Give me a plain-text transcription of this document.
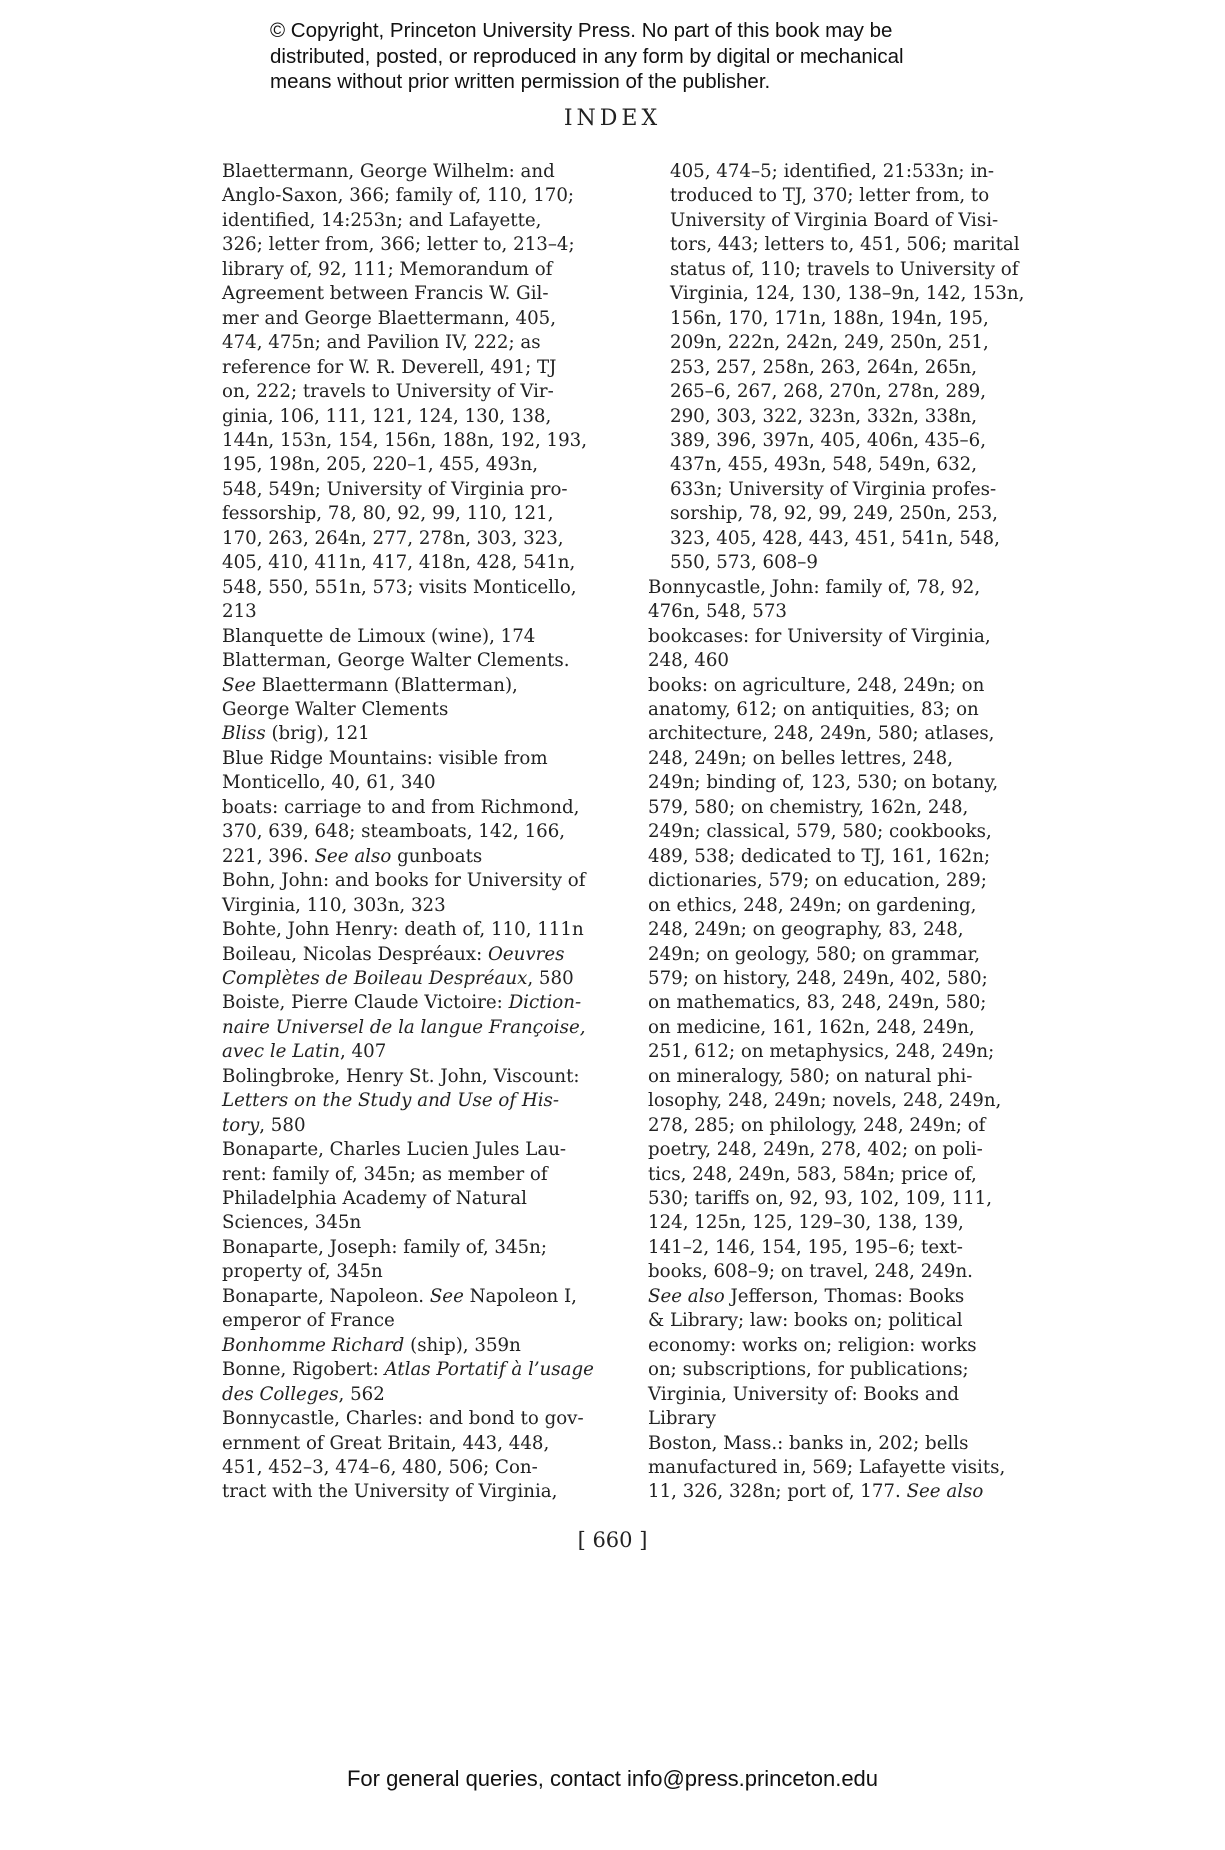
© Copyright, Princeton University Press. No part of this book may be
distributed, posted, or reproduced in any form by digital or mechanical
means without prior written permission of the publisher.
INDEX
Blaettermann, George Wilhelm: and
Anglo-Saxon, 366; family of, 110, 170;
identified, 14:253n; and Lafayette,
326; letter from, 366; letter to, 213–4;
library of, 92, 111; Memorandum of
Agreement between Francis W. Gil-
mer and George Blaettermann, 405,
474, 475n; and Pavilion IV, 222; as
reference for W. R. Deverell, 491; TJ
on, 222; travels to University of Vir-
ginia, 106, 111, 121, 124, 130, 138,
144n, 153n, 154, 156n, 188n, 192, 193,
195, 198n, 205, 220–1, 455, 493n,
548, 549n; University of Virginia pro-
fessorship, 78, 80, 92, 99, 110, 121,
170, 263, 264n, 277, 278n, 303, 323,
405, 410, 411n, 417, 418n, 428, 541n,
548, 550, 551n, 573; visits Monticello,
213
Blanquette de Limoux (wine), 174
Blatterman, George Walter Clements.
See Blaettermann (Blatterman),
George Walter Clements
Bliss (brig), 121
Blue Ridge Mountains: visible from
Monticello, 40, 61, 340
boats: carriage to and from Richmond,
370, 639, 648; steamboats, 142, 166,
221, 396. See also gunboats
Bohn, John: and books for University of
Virginia, 110, 303n, 323
Bohte, John Henry: death of, 110, 111n
Boileau, Nicolas Despréaux: Oeuvres
Complètes de Boileau Despréaux, 580
Boiste, Pierre Claude Victoire: Diction-
naire Universel de la langue Françoise,
avec le Latin, 407
Bolingbroke, Henry St. John, Viscount:
Letters on the Study and Use of His-
tory, 580
Bonaparte, Charles Lucien Jules Lau-
rent: family of, 345n; as member of
Philadelphia Academy of Natural
Sciences, 345n
Bonaparte, Joseph: family of, 345n;
property of, 345n
Bonaparte, Napoleon. See Napoleon I,
emperor of France
Bonhomme Richard (ship), 359n
Bonne, Rigobert: Atlas Portatif à l’usage
des Colleges, 562
Bonnycastle, Charles: and bond to gov-
ernment of Great Britain, 443, 448,
451, 452–3, 474–6, 480, 506; Con-
tract with the University of Virginia,
405, 474–5; identified, 21:533n; in-
troduced to TJ, 370; letter from, to
University of Virginia Board of Visi-
tors, 443; letters to, 451, 506; marital
status of, 110; travels to University of
Virginia, 124, 130, 138–9n, 142, 153n,
156n, 170, 171n, 188n, 194n, 195,
209n, 222n, 242n, 249, 250n, 251,
253, 257, 258n, 263, 264n, 265n,
265–6, 267, 268, 270n, 278n, 289,
290, 303, 322, 323n, 332n, 338n,
389, 396, 397n, 405, 406n, 435–6,
437n, 455, 493n, 548, 549n, 632,
633n; University of Virginia profes-
sorship, 78, 92, 99, 249, 250n, 253,
323, 405, 428, 443, 451, 541n, 548,
550, 573, 608–9
Bonnycastle, John: family of, 78, 92,
476n, 548, 573
bookcases: for University of Virginia,
248, 460
books: on agriculture, 248, 249n; on
anatomy, 612; on antiquities, 83; on
architecture, 248, 249n, 580; atlases,
248, 249n; on belles lettres, 248,
249n; binding of, 123, 530; on botany,
579, 580; on chemistry, 162n, 248,
249n; classical, 579, 580; cookbooks,
489, 538; dedicated to TJ, 161, 162n;
dictionaries, 579; on education, 289;
on ethics, 248, 249n; on gardening,
248, 249n; on geography, 83, 248,
249n; on geology, 580; on grammar,
579; on history, 248, 249n, 402, 580;
on mathematics, 83, 248, 249n, 580;
on medicine, 161, 162n, 248, 249n,
251, 612; on metaphysics, 248, 249n;
on mineralogy, 580; on natural phi-
losophy, 248, 249n; novels, 248, 249n,
278, 285; on philology, 248, 249n; of
poetry, 248, 249n, 278, 402; on poli-
tics, 248, 249n, 583, 584n; price of,
530; tariffs on, 92, 93, 102, 109, 111,
124, 125n, 125, 129–30, 138, 139,
141–2, 146, 154, 195, 195–6; text-
books, 608–9; on travel, 248, 249n.
See also Jefferson, Thomas: Books
& Library; law: books on; political
economy: works on; religion: works
on; subscriptions, for publications;
Virginia, University of: Books and
Library
Boston, Mass.: banks in, 202; bells
manufactured in, 569; Lafayette visits,
11, 326, 328n; port of, 177. See also
[ 660 ]
For general queries, contact info@press.princeton.edu
